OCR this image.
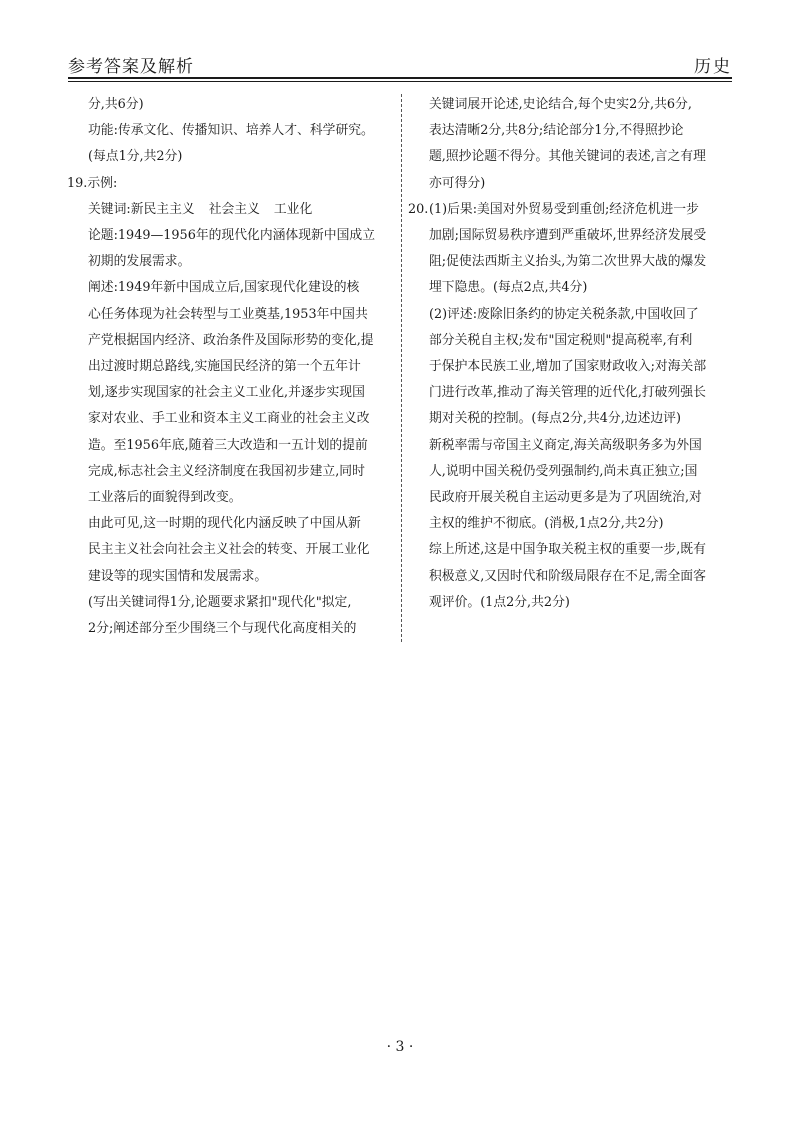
参考答案及解析	历史
分,共6分)
功能:传承文化、传播知识、培养人才、科学研究。
(每点1分,共2分)
19.示例:
关键词:新民主主义 社会主义 工业化
论题:1949—1956年的现代化内涵体现新中国成立
初期的发展需求。
阐述:1949年新中国成立后,国家现代化建设的核
心任务体现为社会转型与工业奠基,1953年中国共
产党根据国内经济、政治条件及国际形势的变化,提
出过渡时期总路线,实施国民经济的第一个五年计
划,逐步实现国家的社会主义工业化,并逐步实现国
家对农业、手工业和资本主义工商业的社会主义改
造。至1956年底,随着三大改造和一五计划的提前
完成,标志社会主义经济制度在我国初步建立,同时
工业落后的面貌得到改变。
由此可见,这一时期的现代化内涵反映了中国从新
民主主义社会向社会主义社会的转变、开展工业化
建设等的现实国情和发展需求。
(写出关键词得1分,论题要求紧扣"现代化"拟定,
2分;阐述部分至少围绕三个与现代化高度相关的
关键词展开论述,史论结合,每个史实2分,共6分,
表达清晰2分,共8分;结论部分1分,不得照抄论
题,照抄论题不得分。其他关键词的表述,言之有理
亦可得分)
20.(1)后果:美国对外贸易受到重创;经济危机进一步
加剧;国际贸易秩序遭到严重破坏,世界经济发展受
阻;促使法西斯主义抬头,为第二次世界大战的爆发
埋下隐患。(每点2点,共4分)
(2)评述:废除旧条约的协定关税条款,中国收回了
部分关税自主权;发布"国定税则"提高税率,有利
于保护本民族工业,增加了国家财政收入;对海关部
门进行改革,推动了海关管理的近代化,打破列强长
期对关税的控制。(每点2分,共4分,边述边评)
新税率需与帝国主义商定,海关高级职务多为外国
人,说明中国关税仍受列强制约,尚未真正独立;国
民政府开展关税自主运动更多是为了巩固统治,对
主权的维护不彻底。(消极,1点2分,共2分)
综上所述,这是中国争取关税主权的重要一步,既有
积极意义,又因时代和阶级局限存在不足,需全面客
观评价。(1点2分,共2分)
· 3 ·
